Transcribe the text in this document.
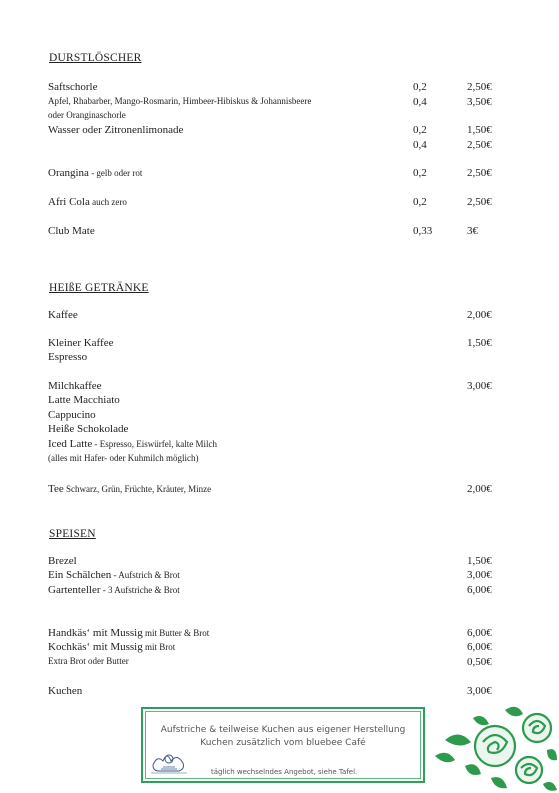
DURSTLÖSCHER
Saftschorle	0,2	2,50€
Apfel, Rhabarber, Mango-Rosmarin, Himbeer-Hibiskus & Johannisbeere	0,4	3,50€
oder Oranginaschorle
Wasser oder Zitronenlimonade	0,2	1,50€
0,4	2,50€
Orangina - gelb oder rot	0,2	2,50€
Afri Cola auch zero	0,2	2,50€
Club Mate	0,33	3€
HEIßE GETRÄNKE
Kaffee	2,00€
Kleiner Kaffee	1,50€
Espresso
Milchkaffee	3,00€
Latte Macchiato
Cappucino
Heiße Schokolade
Iced Latte - Espresso, Eiswürfel, kalte Milch
(alles mit Hafer- oder Kuhmilch möglich)
Tee Schwarz, Grün, Früchte, Kräuter, Minze	2,00€
SPEISEN
Brezel	1,50€
Ein Schälchen - Aufstrich & Brot	3,00€
Gartenteller - 3 Aufstriche & Brot	6,00€
Handkäs‘ mit Mussig mit Butter & Brot	6,00€
Kochkäs‘ mit Mussig mit Brot	6,00€
Extra Brot oder Butter	0,50€
Kuchen	3,00€
Aufstriche & teilweise Kuchen aus eigener Herstellung
Kuchen zusätzlich vom bluebee Café
täglich wechselndes Angebot, siehe Tafel.
